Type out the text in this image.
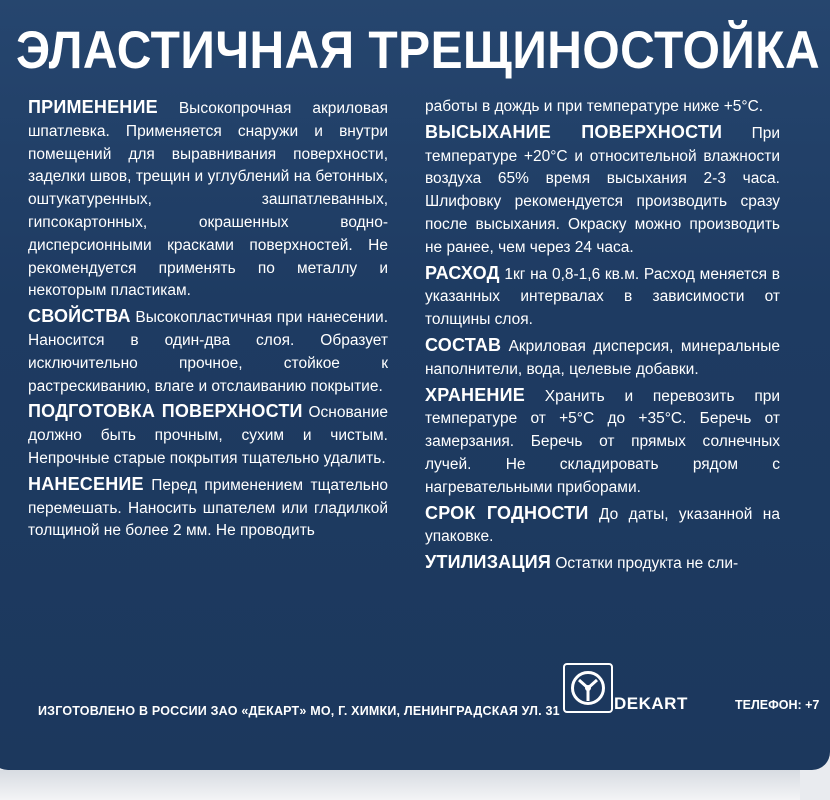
ЭЛАСТИЧНАЯ ТРЕЩИНОСТОЙКА

ПРИМЕНЕНИЕ Высокопрочная акриловая шпатлевка. Применяется снаружи и внутри помещений для выравнивания поверхности, заделки швов, трещин и углублений на бетонных, оштукатуренных, зашпатлеванных, гипсокартонных, окрашенных водно-дисперсионными красками поверхностей. Не рекомендуется применять по металлу и некоторым пластикам.

СВОЙСТВА Высокопластичная при нанесении. Наносится в один-два слоя. Образует исключительно прочное, стойкое к растрескиванию, влаге и отслаиванию покрытие.

ПОДГОТОВКА ПОВЕРХНОСТИ Основание должно быть прочным, сухим и чистым. Непрочные старые покрытия тщательно удалить.

НАНЕСЕНИЕ Перед применением тщательно перемешать. Наносить шпателем или гладилкой толщиной не более 2 мм. Не проводить

работы в дождь и при температуре ниже +5°С.

ВЫСЫХАНИЕ ПОВЕРХНОСТИ При температуре +20°С и относительной влажности воздуха 65% время высыхания 2-3 часа. Шлифовку рекомендуется производить сразу после высыхания. Окраску можно производить не ранее, чем через 24 часа.

РАСХОД 1кг на 0,8-1,6 кв.м. Расход меняется в указанных интервалах в зависимости от толщины слоя.

СОСТАВ Акриловая дисперсия, минеральные наполнители, вода, целевые добавки.

ХРАНЕНИЕ Хранить и перевозить при температуре от +5°С до +35°С. Беречь от замерзания. Беречь от прямых солнечных лучей. Не складировать рядом с нагревательными приборами.

СРОК ГОДНОСТИ До даты, указанной на упаковке.

УТИЛИЗАЦИЯ Остатки продукта не сли-

ИЗГОТОВЛЕНО В РОССИИ ЗАО «ДЕКАРТ» МО, Г. ХИМКИ, ЛЕНИНГРАДСКАЯ УЛ. 31	DEKART	ТЕЛЕФОН: +7
